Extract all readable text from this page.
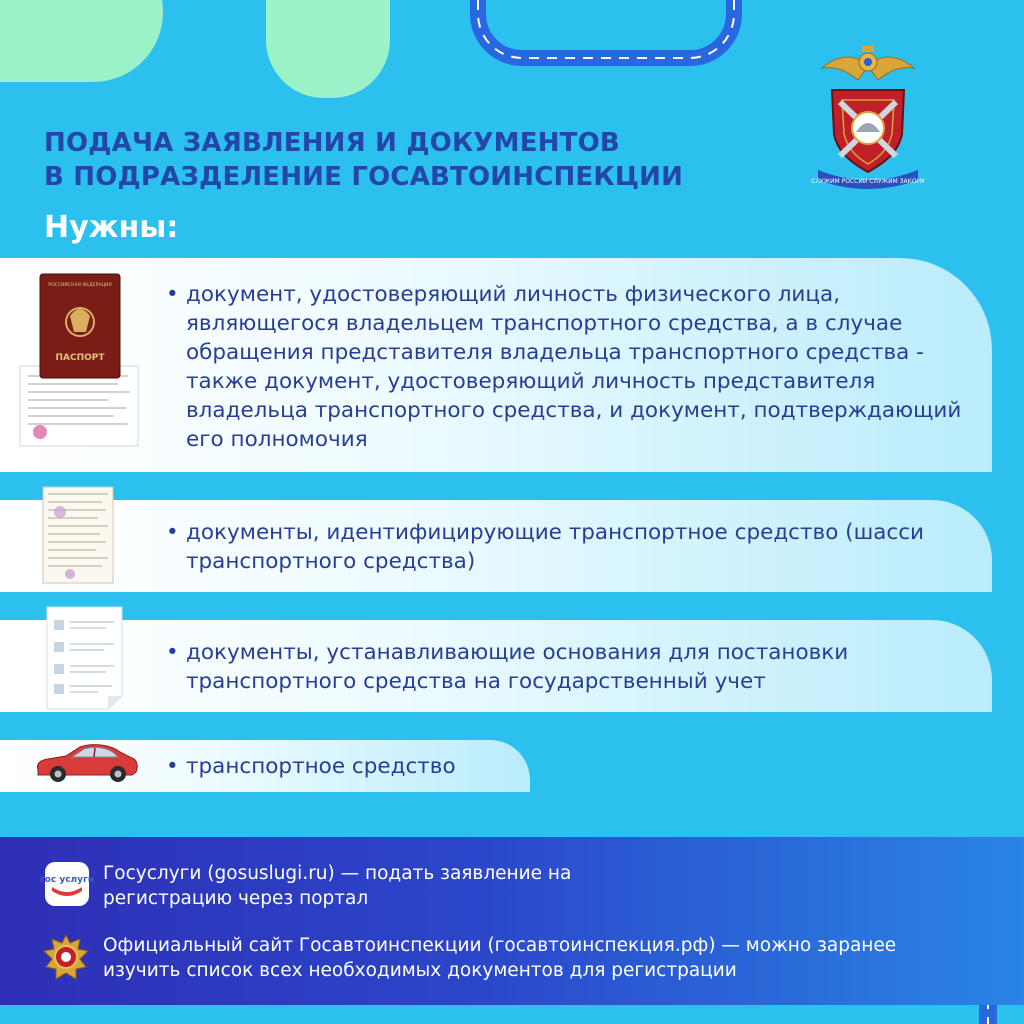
ПОДАЧА ЗАЯВЛЕНИЯ И ДОКУМЕНТОВ
В ПОДРАЗДЕЛЕНИЕ ГОСАВТОИНСПЕКЦИИ
Нужны:
СЛУЖИМ РОССИИ СЛУЖИМ ЗАКОНУ
РОССИЙСКАЯ ФЕДЕРАЦИЯ
ПАСПОРТ

• документ, удостоверяющий личность физического лица, являющегося владельцем транспортного средства, а в случае обращения представителя владельца транспортного средства - также документ, удостоверяющий личность представителя владельца транспортного средства, и документ, подтверждающий его полномочия

• документы, идентифицирующие транспортное средство (шасси транспортного средства)

• документы, устанавливающие основания для постановки транспортного средства на государственный учет

• транспортное средство

гос услуги Госуслуги (gosuslugi.ru) — подать заявление на регистрацию через портал

Официальный сайт Госавтоинспекции (госавтоинспекция.рф) — можно заранее изучить список всех необходимых документов для регистрации
